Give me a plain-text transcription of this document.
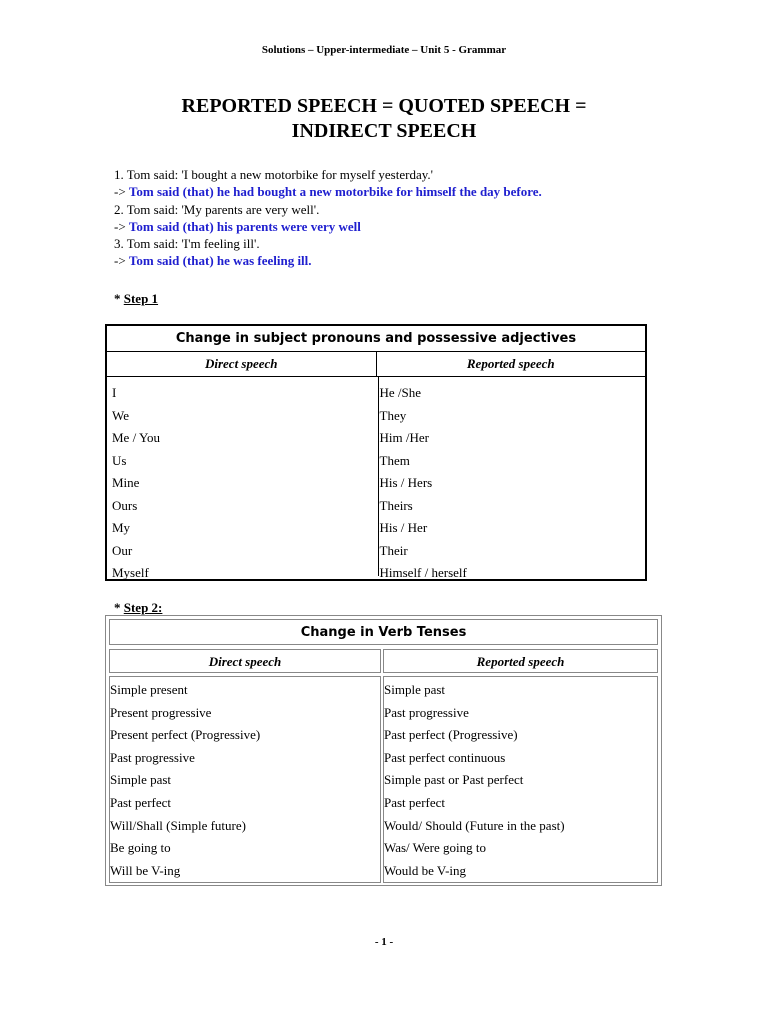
Solutions – Upper-intermediate – Unit 5 - Grammar
REPORTED SPEECH = QUOTED SPEECH =
INDIRECT SPEECH
1. Tom said: 'I bought a new motorbike for myself yesterday.'
-> Tom said (that) he had bought a new motorbike for himself the day before.
2. Tom said: 'My parents are very well'.
-> Tom said (that) his parents were very well
3. Tom said: 'I'm feeling ill'.
-> Tom said (that) he was feeling ill.
* Step 1
Change in subject pronouns and possessive adjectives
Direct speech	Reported speech
I
We
Me / You
Us
Mine
Ours
My
Our
Myself
He /She
They
Him /Her
Them
His / Hers
Theirs
His / Her
Their
Himself / herself
* Step 2:
Change in Verb Tenses
Direct speech	Reported speech
Simple present
Present progressive
Present perfect (Progressive)
Past progressive
Simple past
Past perfect
Will/Shall (Simple future)
Be going to
Will be V-ing
Simple past
Past progressive
Past perfect (Progressive)
Past perfect continuous
Simple past or Past perfect
Past perfect
Would/ Should (Future in the past)
Was/ Were going to
Would be V-ing
- 1 -
